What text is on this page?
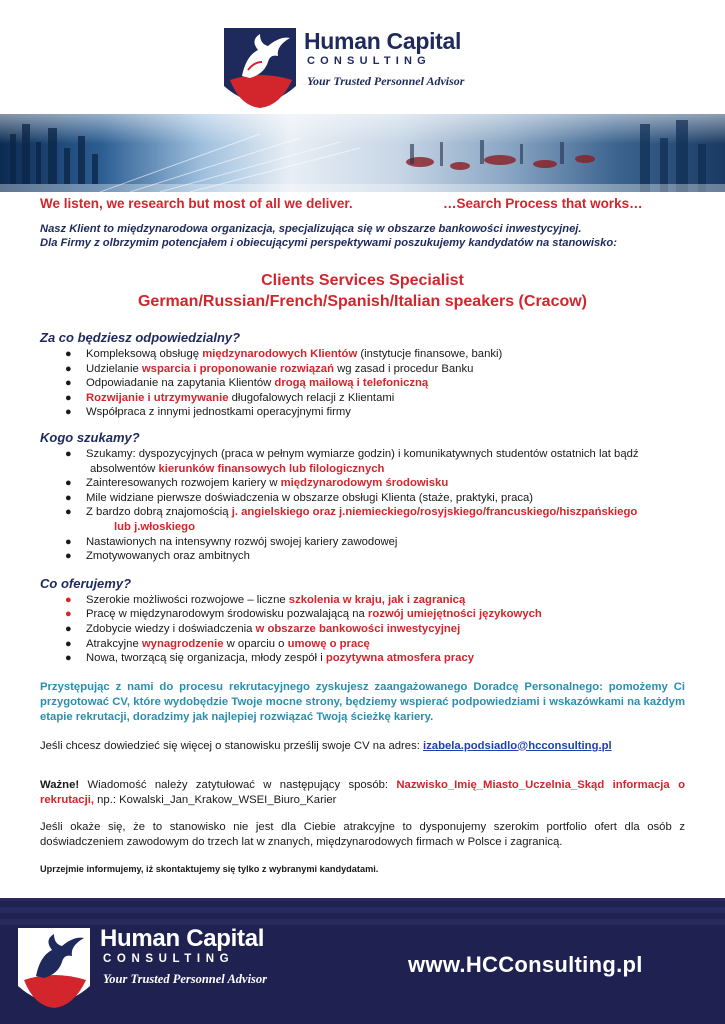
Human Capital
CONSULTING
Your Trusted Personnel Advisor
We listen, we research but most of all we deliver.	…Search Process that works…
Nasz Klient to międzynarodowa organizacja, specjalizująca się w obszarze bankowości inwestycyjnej.
Dla Firmy z olbrzymim potencjałem i obiecującymi perspektywami poszukujemy kandydatów na stanowisko:
Clients Services Specialist
German/Russian/French/Spanish/Italian speakers (Cracow)
Za co będziesz odpowiedzialny?
● Kompleksową obsługę międzynarodowych Klientów (instytucje finansowe, banki)
● Udzielanie wsparcia i proponowanie rozwiązań wg zasad i procedur Banku
● Odpowiadanie na zapytania Klientów drogą mailową i telefoniczną
● Rozwijanie i utrzymywanie długofalowych relacji z Klientami
● Współpraca z innymi jednostkami operacyjnymi firmy
Kogo szukamy?
● Szukamy: dyspozycyjnych (praca w pełnym wymiarze godzin) i komunikatywnych studentów ostatnich lat bądź
absolwentów kierunków finansowych lub filologicznych
● Zainteresowanych rozwojem kariery w międzynarodowym środowisku
● Mile widziane pierwsze doświadczenia w obszarze obsługi Klienta (staże, praktyki, praca)
● Z bardzo dobrą znajomością j. angielskiego oraz j.niemieckiego/rosyjskiego/francuskiego/hiszpańskiego
lub j.włoskiego
● Nastawionych na intensywny rozwój swojej kariery zawodowej
● Zmotywowanych oraz ambitnych
Co oferujemy?
● Szerokie możliwości rozwojowe – liczne szkolenia w kraju, jak i zagranicą
● Pracę w międzynarodowym środowisku pozwalającą na rozwój umiejętności językowych
● Zdobycie wiedzy i doświadczenia w obszarze bankowości inwestycyjnej
● Atrakcyjne wynagrodzenie w oparciu o umowę o pracę
● Nowa, tworzącą się organizacja, młody zespół i pozytywna atmosfera pracy
Przystępując z nami do procesu rekrutacyjnego zyskujesz zaangażowanego Doradcę Personalnego: pomożemy Ci przygotować CV, które wydobędzie Twoje mocne strony, będziemy wspierać podpowiedziami i wskazówkami na każdym etapie rekrutacji, doradzimy jak najlepiej rozwiązać Twoją ścieżkę kariery.
Jeśli chcesz dowiedzieć się więcej o stanowisku prześlij swoje CV na adres: izabela.podsiadlo@hcconsulting.pl
Ważne! Wiadomość należy zatytułować w następujący sposób: Nazwisko_Imię_Miasto_Uczelnia_Skąd informacja o rekrutacji, np.: Kowalski_Jan_Krakow_WSEI_Biuro_Karier
Jeśli okaże się, że to stanowisko nie jest dla Ciebie atrakcyjne to dysponujemy szerokim portfolio ofert dla osób z doświadczeniem zawodowym do trzech lat w znanych, międzynarodowych firmach w Polsce i zagranicą.
Uprzejmie informujemy, iż skontaktujemy się tylko z wybranymi kandydatami.
Human Capital
CONSULTING
Your Trusted Personnel Advisor
www.HCConsulting.pl
